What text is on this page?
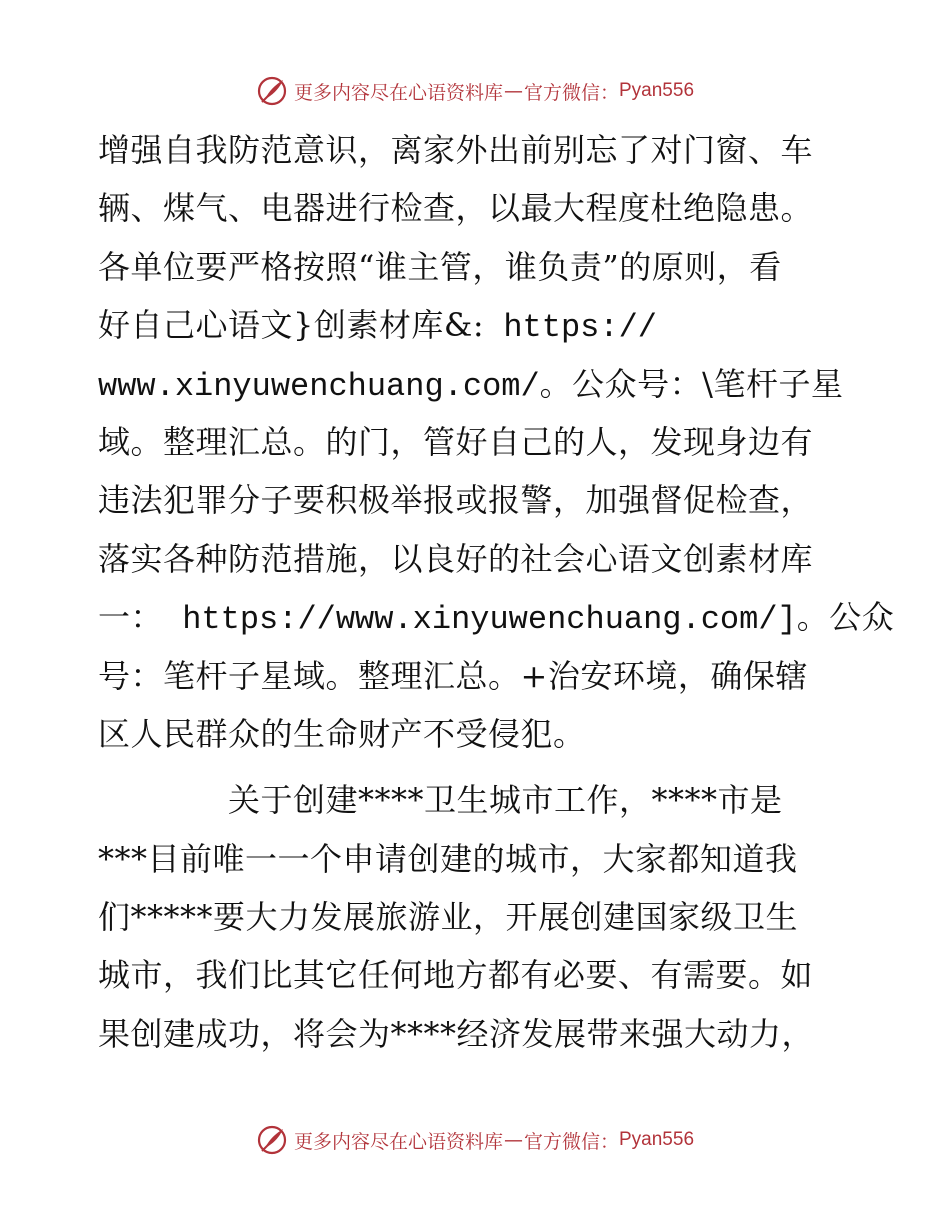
更多内容尽在心语资料库 — 官方微信： Pyan556
增强自我防范意识，离家外出前别忘了对门窗、车
辆、煤气、电器进行检查，以最大程度杜绝隐患。
各单位要严格按照“谁主管，谁负责”的原则，看
好自己心语文}创素材库&: https://
www.xinyuwenchuang.com/。公众号：\笔杆子星
域。整理汇总。的门，管好自己的人，发现身边有
违法犯罪分子要积极举报或报警，加强督促检查，
落实各种防范措施，以良好的社会心语文创素材库
一： https://www.xinyuwenchuang.com/]。公众
号：笔杆子星域。整理汇总。+治安环境，确保辖
区人民群众的生命财产不受侵犯。
关于创建****卫生城市工作，****市是
***目前唯一一个申请创建的城市，大家都知道我
们*****要大力发展旅游业，开展创建国家级卫生
城市，我们比其它任何地方都有必要、有需要。如
果创建成功，将会为****经济发展带来强大动力，
更多内容尽在心语资料库 — 官方微信： Pyan556
